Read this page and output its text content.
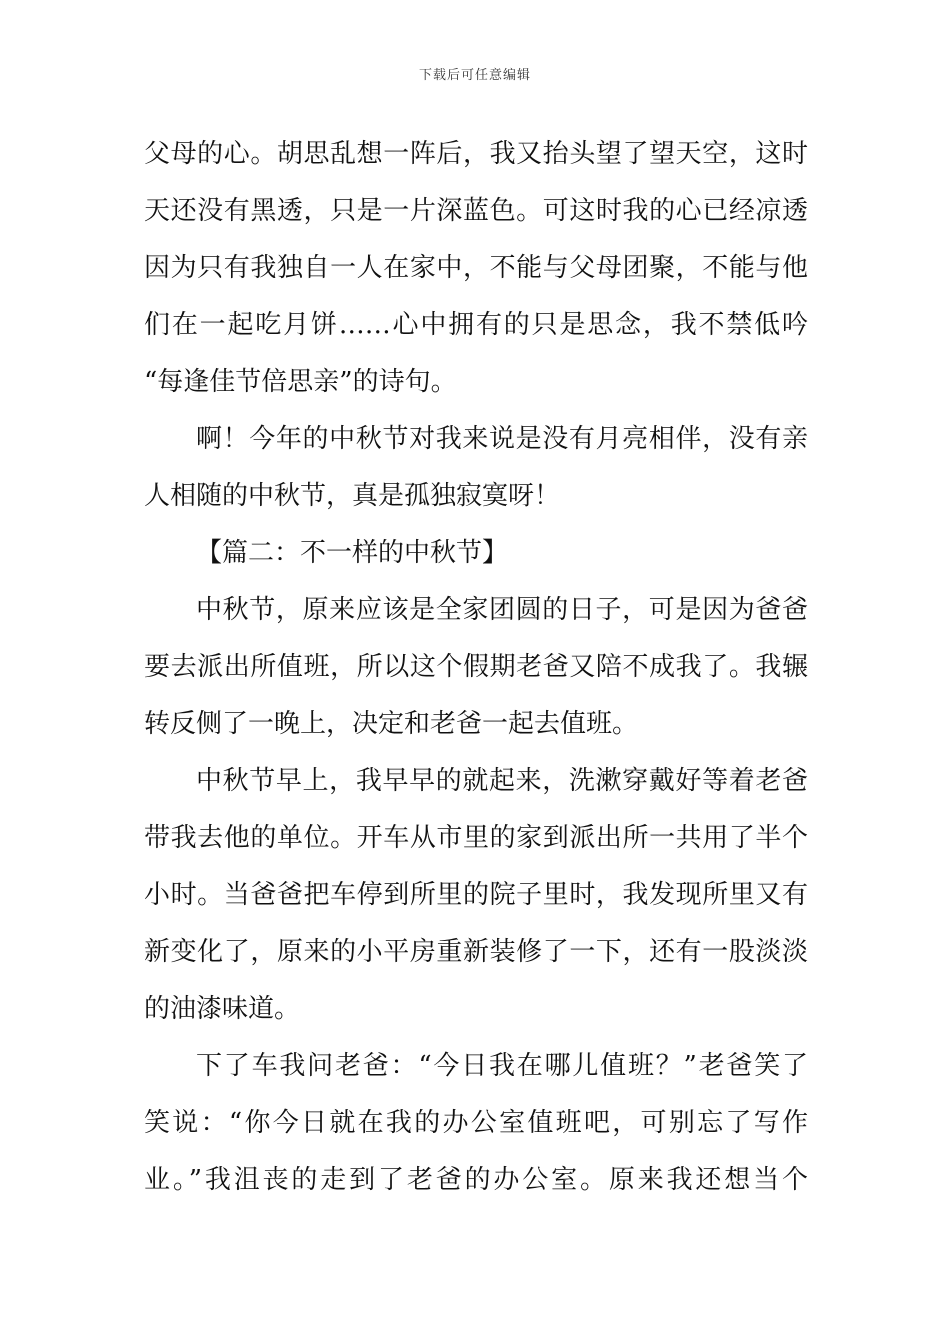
下载后可任意编辑
父母的心。胡思乱想一阵后，我又抬头望了望天空，这时
天还没有黑透，只是一片深蓝色。可这时我的心已经凉透
因为只有我独自一人在家中，不能与父母团聚，不能与他
们在一起吃月饼……心中拥有的只是思念，我不禁低吟
“每逢佳节倍思亲”的诗句。
啊！今年的中秋节对我来说是没有月亮相伴，没有亲
人相随的中秋节，真是孤独寂寞呀！
【篇二：不一样的中秋节】
中秋节，原来应该是全家团圆的日子，可是因为爸爸
要去派出所值班，所以这个假期老爸又陪不成我了。我辗
转反侧了一晚上，决定和老爸一起去值班。
中秋节早上，我早早的就起来，洗漱穿戴好等着老爸
带我去他的单位。开车从市里的家到派出所一共用了半个
小时。当爸爸把车停到所里的院子里时，我发现所里又有
新变化了，原来的小平房重新装修了一下，还有一股淡淡
的油漆味道。
下了车我问老爸：“今日我在哪儿值班？”老爸笑了
笑说：“你今日就在我的办公室值班吧，可别忘了写作
业。”我沮丧的走到了老爸的办公室。原来我还想当个
